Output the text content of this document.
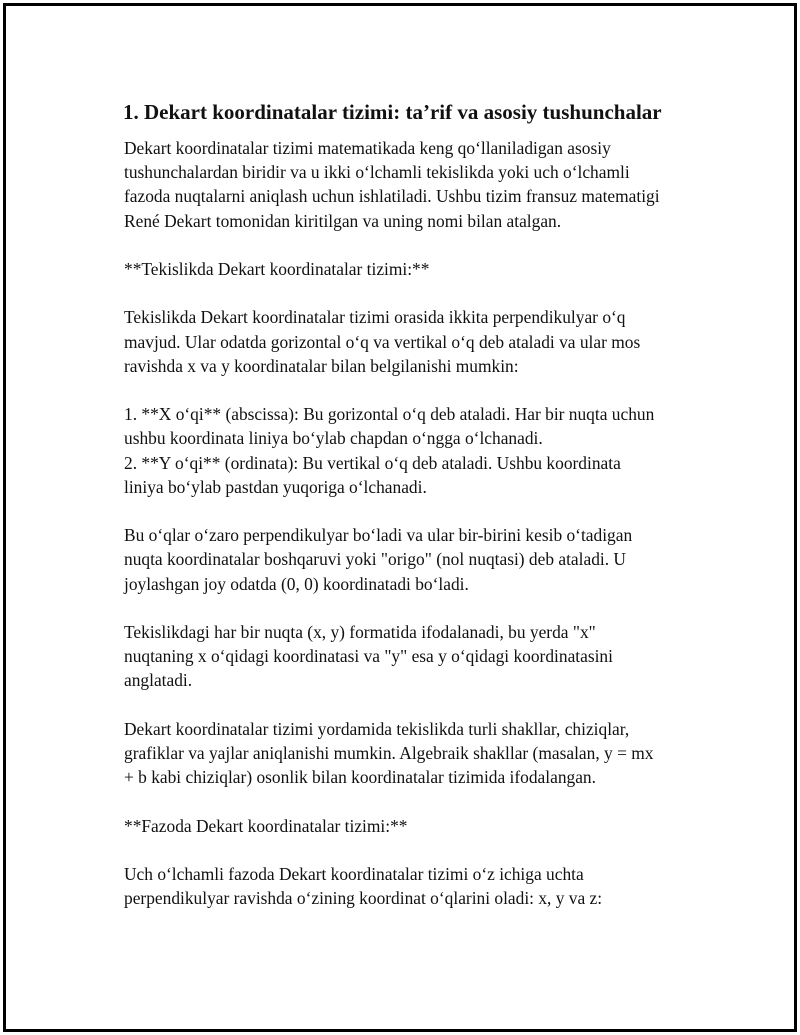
1. Dekart koordinatalar tizimi: ta’rif va asosiy tushunchalar
Dekart koordinatalar tizimi matematikada keng qo‘llaniladigan asosiy
tushunchalardan biridir va u ikki o‘lchamli tekislikda yoki uch o‘lchamli
fazoda nuqtalarni aniqlash uchun ishlatiladi. Ushbu tizim fransuz matematigi
René Dekart tomonidan kiritilgan va uning nomi bilan atalgan.
**Tekislikda Dekart koordinatalar tizimi:**
Tekislikda Dekart koordinatalar tizimi orasida ikkita perpendikulyar o‘q
mavjud. Ular odatda gorizontal o‘q va vertikal o‘q deb ataladi va ular mos
ravishda x va y koordinatalar bilan belgilanishi mumkin:
1. **X o‘qi** (abscissa): Bu gorizontal o‘q deb ataladi. Har bir nuqta uchun
ushbu koordinata liniya bo‘ylab chapdan o‘ngga o‘lchanadi.
2. **Y o‘qi** (ordinata): Bu vertikal o‘q deb ataladi. Ushbu koordinata
liniya bo‘ylab pastdan yuqoriga o‘lchanadi.
Bu o‘qlar o‘zaro perpendikulyar bo‘ladi va ular bir-birini kesib o‘tadigan
nuqta koordinatalar boshqaruvi yoki "origo" (nol nuqtasi) deb ataladi. U
joylashgan joy odatda (0, 0) koordinatadi bo‘ladi.
Tekislikdagi har bir nuqta (x, y) formatida ifodalanadi, bu yerda "x"
nuqtaning x o‘qidagi koordinatasi va "y" esa y o‘qidagi koordinatasini
anglatadi.
Dekart koordinatalar tizimi yordamida tekislikda turli shakllar, chiziqlar,
grafiklar va yajlar aniqlanishi mumkin. Algebraik shakllar (masalan, y = mx
+ b kabi chiziqlar) osonlik bilan koordinatalar tizimida ifodalangan.
**Fazoda Dekart koordinatalar tizimi:**
Uch o‘lchamli fazoda Dekart koordinatalar tizimi o‘z ichiga uchta
perpendikulyar ravishda o‘zining koordinat o‘qlarini oladi: x, y va z:
